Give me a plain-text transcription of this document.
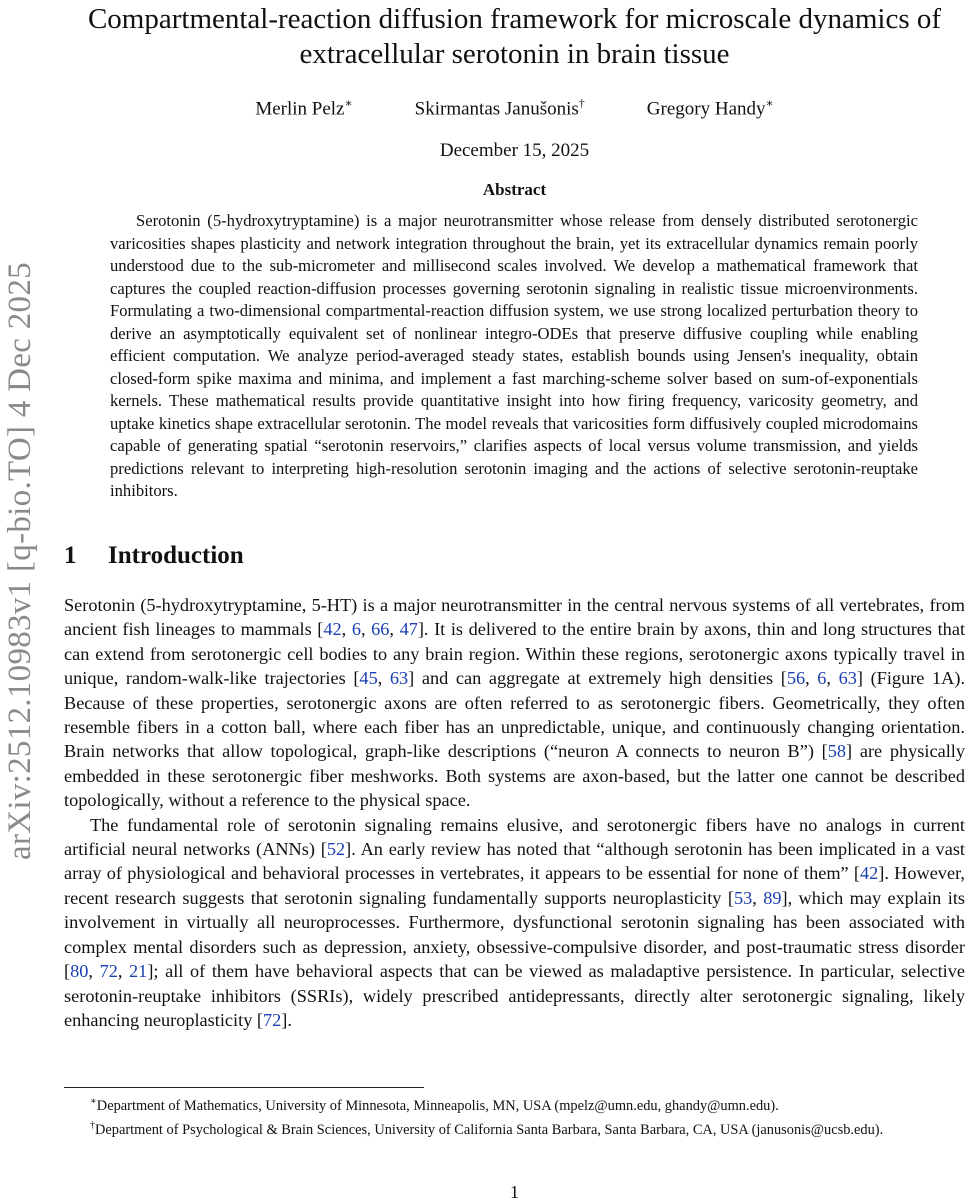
arXiv:2512.10983v1 [q-bio.TO] 4 Dec 2025
Compartmental-reaction diffusion framework for microscale dynamics of extracellular serotonin in brain tissue
Merlin Pelz∗	Skirmantas Janušonis†	Gregory Handy∗
December 15, 2025
Abstract

Serotonin (5-hydroxytryptamine) is a major neurotransmitter whose release from densely distributed serotonergic varicosities shapes plasticity and network integration throughout the brain, yet its extracellular dynamics remain poorly understood due to the sub-micrometer and millisecond scales involved. We develop a mathematical framework that captures the coupled reaction-diffusion processes governing serotonin signaling in realistic tissue microenvironments. Formulating a two-dimensional compartmental-reaction diffusion system, we use strong localized perturbation theory to derive an asymptotically equivalent set of nonlinear integro-ODEs that preserve diffusive coupling while enabling efficient computation. We analyze period-averaged steady states, establish bounds using Jensen's inequality, obtain closed-form spike maxima and minima, and implement a fast marching-scheme solver based on sum-of-exponentials kernels. These mathematical results provide quantitative insight into how firing frequency, varicosity geometry, and uptake kinetics shape extracellular serotonin. The model reveals that varicosities form diffusively coupled microdomains capable of generating spatial “serotonin reservoirs,” clarifies aspects of local versus volume transmission, and yields predictions relevant to interpreting high-resolution serotonin imaging and the actions of selective serotonin-reuptake inhibitors.

1 Introduction

Serotonin (5-hydroxytryptamine, 5-HT) is a major neurotransmitter in the central nervous systems of all vertebrates, from ancient fish lineages to mammals [42, 6, 66, 47]. It is delivered to the entire brain by axons, thin and long structures that can extend from serotonergic cell bodies to any brain region. Within these regions, serotonergic axons typically travel in unique, random-walk-like trajectories [45, 63] and can aggregate at extremely high densities [56, 6, 63] (Figure 1A). Because of these properties, serotonergic axons are often referred to as serotonergic fibers. Geometrically, they often resemble fibers in a cotton ball, where each fiber has an unpredictable, unique, and continuously changing orientation. Brain networks that allow topological, graph-like descriptions (“neuron A connects to neuron B”) [58] are physically embedded in these serotonergic fiber meshworks. Both systems are axon-based, but the latter one cannot be described topologically, without a reference to the physical space.

The fundamental role of serotonin signaling remains elusive, and serotonergic fibers have no analogs in current artificial neural networks (ANNs) [52]. An early review has noted that “although serotonin has been implicated in a vast array of physiological and behavioral processes in vertebrates, it appears to be essential for none of them” [42]. However, recent research suggests that serotonin signaling fundamentally supports neuroplasticity [53, 89], which may explain its involvement in virtually all neuroprocesses. Furthermore, dysfunctional serotonin signaling has been associated with complex mental disorders such as depression, anxiety, obsessive-compulsive disorder, and post-traumatic stress disorder [80, 72, 21]; all of them have behavioral aspects that can be viewed as maladaptive persistence. In particular, selective serotonin-reuptake inhibitors (SSRIs), widely prescribed antidepressants, directly alter serotonergic signaling, likely enhancing neuroplasticity [72].

∗Department of Mathematics, University of Minnesota, Minneapolis, MN, USA (mpelz@umn.edu, ghandy@umn.edu).

†Department of Psychological & Brain Sciences, University of California Santa Barbara, Santa Barbara, CA, USA (janusonis@ucsb.edu).

1
